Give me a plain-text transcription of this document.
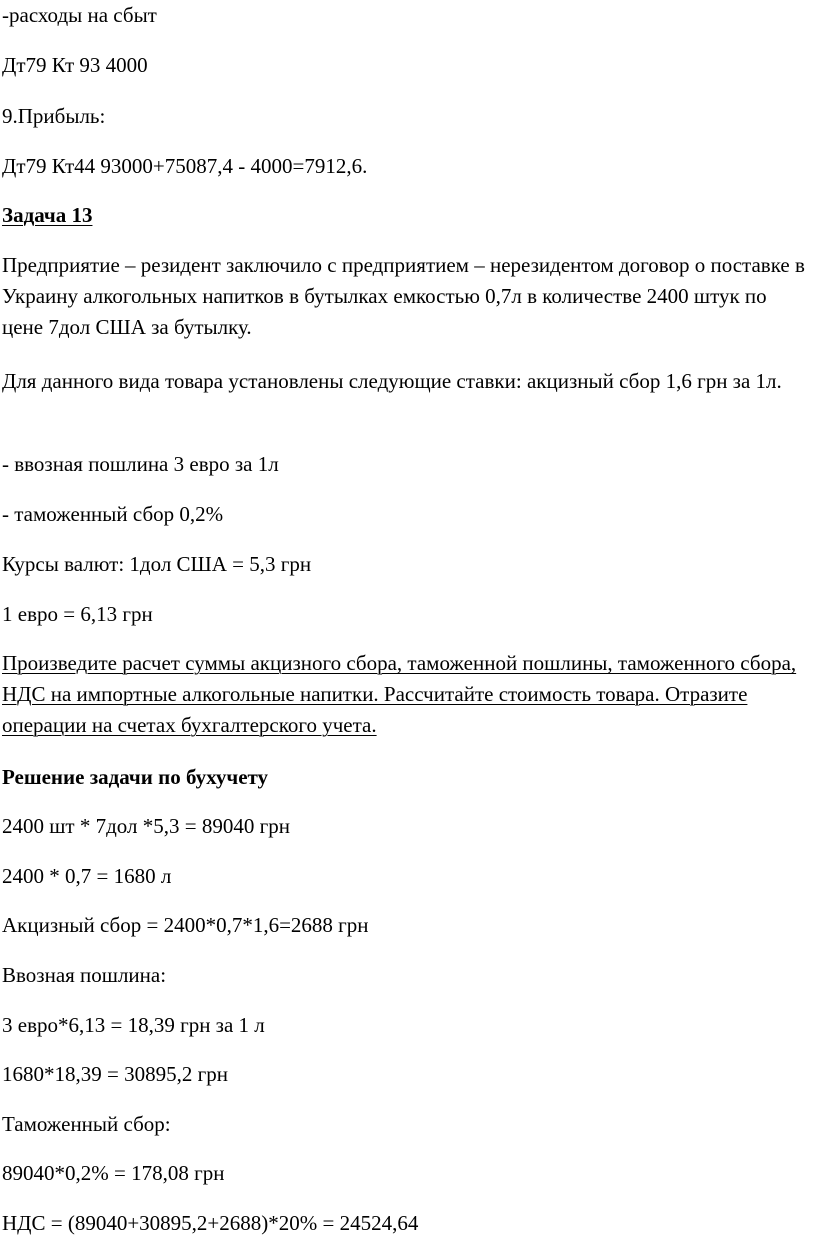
-расходы на сбыт

Дт79 Кт 93 4000

9.Прибыль:

Дт79 Кт44 93000+75087,4 - 4000=7912,6.

Задача 13

Предприятие – резидент заключило с предприятием – нерезидентом договор о поставке в Украину алкогольных напитков в бутылках емкостью 0,7л в количестве 2400 штук по цене 7дол США за бутылку.

Для данного вида товара установлены следующие ставки: акцизный сбор 1,6 грн за 1л.

- ввозная пошлина 3 евро за 1л

- таможенный сбор 0,2%

Курсы валют: 1дол США = 5,3 грн

1 евро = 6,13 грн

Произведите расчет суммы акцизного сбора, таможенной пошлины, таможенного сбора, НДС на импортные алкогольные напитки. Рассчитайте стоимость товара. Отразите операции на счетах бухгалтерского учета.

Решение задачи по бухучету

2400 шт * 7дол *5,3 = 89040 грн

2400 * 0,7 = 1680 л

Акцизный сбор = 2400*0,7*1,6=2688 грн

Ввозная пошлина:

3 евро*6,13 = 18,39 грн за 1 л

1680*18,39 = 30895,2 грн

Таможенный сбор:

89040*0,2% = 178,08 грн

НДС = (89040+30895,2+2688)*20% = 24524,64
